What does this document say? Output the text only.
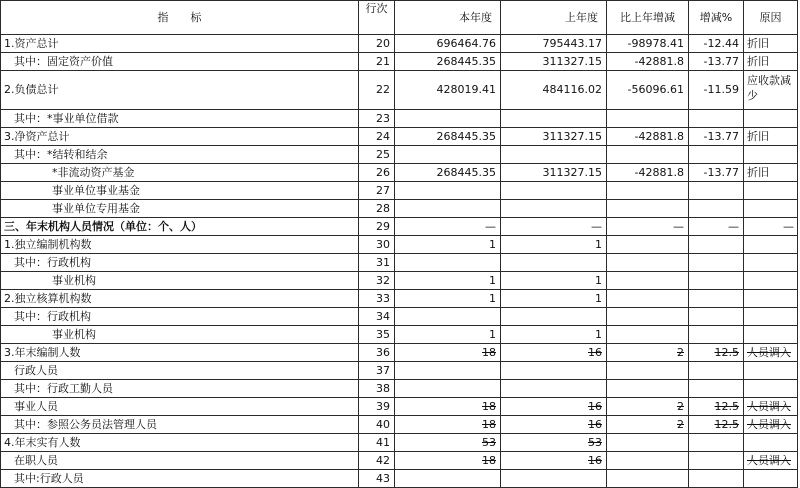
指　　标	行次	本年度	上年度	比上年增减	增减%	原因
1.资产总计	20	696464.76	795443.17	-98978.41	-12.44	折旧
其中：固定资产价值	21	268445.35	311327.15	-42881.8	-13.77	折旧
2.负债总计	22	428019.41	484116.02	-56096.61	-11.59	应收款减少
其中：*事业单位借款	23					
3.净资产总计	24	268445.35	311327.15	-42881.8	-13.77	折旧
其中：*结转和结余	25					
*非流动资产基金	26	268445.35	311327.15	-42881.8	-13.77	折旧
事业单位事业基金	27					
事业单位专用基金	28					
三、年末机构人员情况（单位：个、人）	29	—	—	—	—	—
1.独立编制机构数	30	1	1			
其中：行政机构	31					
事业机构	32	1	1			
2.独立核算机构数	33	1	1			
其中：行政机构	34					
事业机构	35	1	1			
3.年末编制人数	36	18	16	2	12.5	人员调入
行政人员	37					
其中：行政工勤人员	38					
事业人员	39	18	16	2	12.5	人员调入
其中：参照公务员法管理人员	40	18	16	2	12.5	人员调入
4.年末实有人数	41	53	53			
在职人员	42	18	16			人员调入
其中:行政人员	43					
